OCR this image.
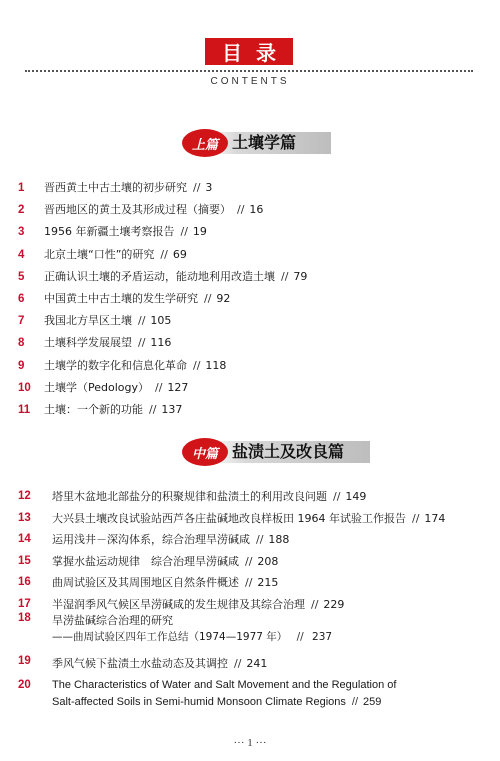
目录
CONTENTS
上篇 土壤学篇
1	晋西黄土中古土壤的初步研究 // 3
2	晋西地区的黄土及其形成过程（摘要） // 16
3	1956 年新疆土壤考察报告 // 19
4	北京土壤“口性”的研究 // 69
5	正确认识土壤的矛盾运动，能动地利用改造土壤 // 79
6	中国黄土中古土壤的发生学研究 // 92
7	我国北方旱区土壤 // 105
8	土壤科学发展展望 // 116
9	土壤学的数字化和信息化革命 // 118
10	土壤学（Pedology） // 127
11	土壤：一个新的功能 // 137
中篇 盐渍土及改良篇
12	塔里木盆地北部盐分的积聚规律和盐渍土的利用改良问题 // 149
13	大兴县土壤改良试验站西芦各庄盐碱地改良样板田 1964 年试验工作报告 // 174
14	运用浅井－深沟体系，综合治理旱涝碱咸 // 188
15	掌握水盐运动规律　综合治理旱涝碱咸 // 208
16	曲周试验区及其周围地区自然条件概述 // 215
17	半湿润季风气候区旱涝碱咸的发生规律及其综合治理 // 229
18	旱涝盐碱综合治理的研究
——曲周试验区四年工作总结（1974—1977 年） // 237
19	季风气候下盐渍土水盐动态及其调控 // 241
20	The Characteristics of Water and Salt Movement and the Regulation of
Salt-affected Soils in Semi-humid Monsoon Climate Regions // 259
··· 1 ···
